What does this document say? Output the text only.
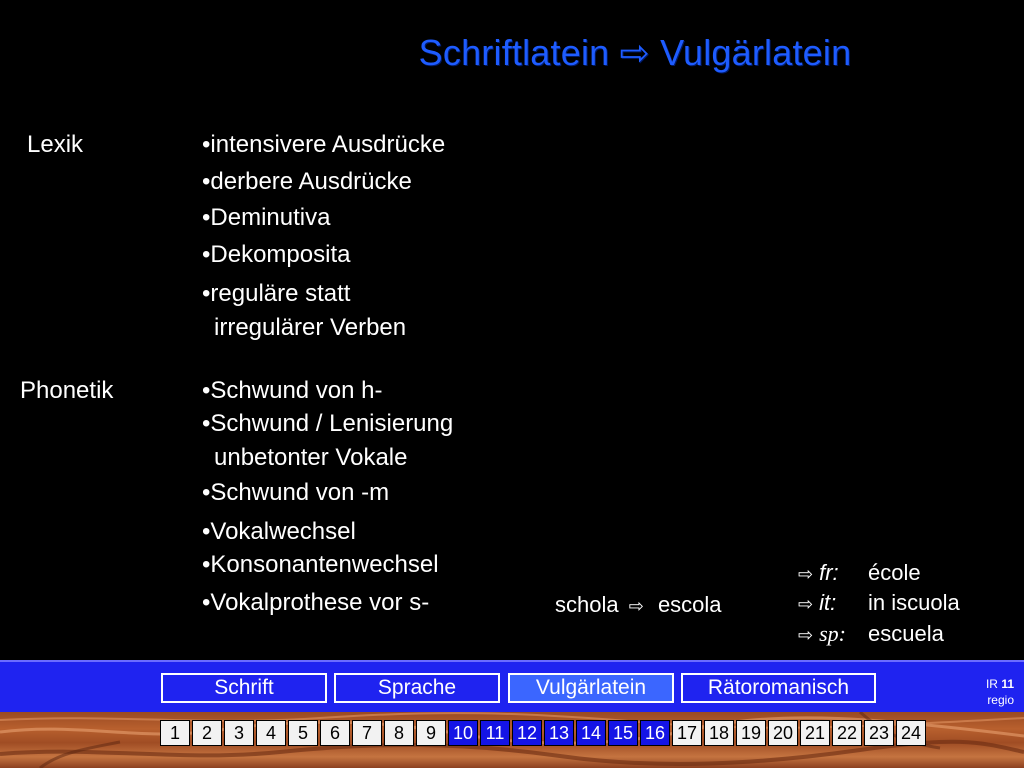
Schriftlatein ⇨ Vulgärlatein
Lexik	•intensivere Ausdrücke
•derbere Ausdrücke
•Deminutiva
•Dekomposita
•reguläre statt
irregulärer Verben
Phonetik	•Schwund von h-
•Schwund / Lenisierung
unbetonter Vokale
•Schwund von -m
•Vokalwechsel
•Konsonantenwechsel
•Vokalprothese vor s-	schola ⇨ escola
⇨ fr: école
⇨ it: in iscuola
⇨ sp: escuela
Schrift	Sprache	Vulgärlatein	Rätoromanisch	IR 11
regio
1	2	3	4	5	6	7	8	9 10 11 12 13 14 15 16 17 18 19 20 21 22 23 24
